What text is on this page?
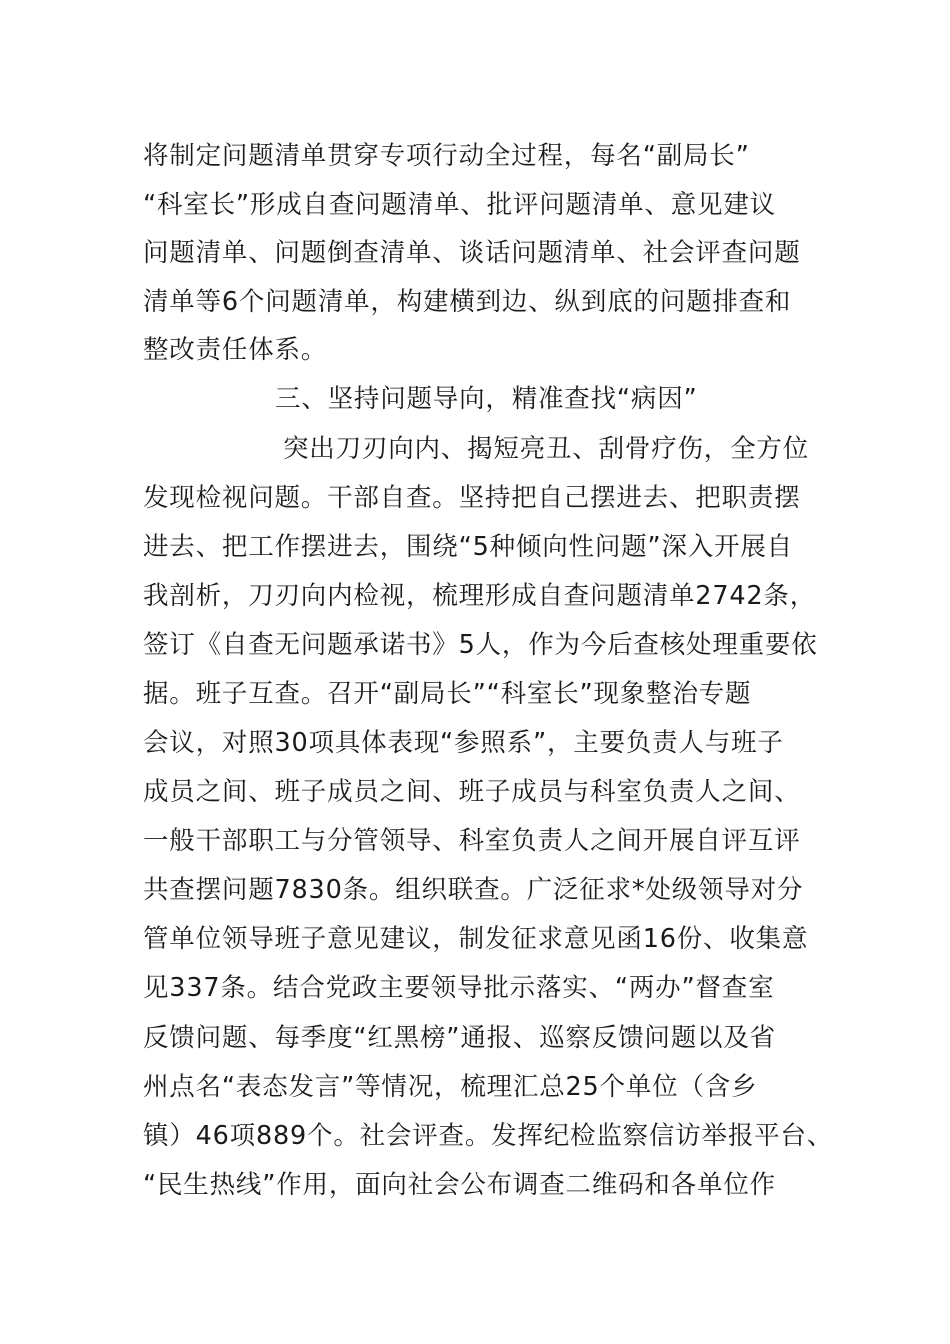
将制定问题清单贯穿专项行动全过程，每名“副局长”
“科室长”形成自查问题清单、批评问题清单、意见建议
问题清单、问题倒查清单、谈话问题清单、社会评查问题
清单等6个问题清单，构建横到边、纵到底的问题排查和
整改责任体系。
三、坚持问题导向，精准查找“病因”
突出刀刃向内、揭短亮丑、刮骨疗伤，全方位
发现检视问题。干部自查。坚持把自己摆进去、把职责摆
进去、把工作摆进去，围绕“5种倾向性问题”深入开展自
我剖析，刀刃向内检视，梳理形成自查问题清单2742条，
签订《自查无问题承诺书》5人，作为今后查核处理重要依
据。班子互查。召开“副局长”“科室长”现象整治专题
会议，对照30项具体表现“参照系”，主要负责人与班子
成员之间、班子成员之间、班子成员与科室负责人之间、
一般干部职工与分管领导、科室负责人之间开展自评互评
共查摆问题7830条。组织联查。广泛征求*处级领导对分
管单位领导班子意见建议，制发征求意见函16份、收集意
见337条。结合党政主要领导批示落实、“两办”督查室
反馈问题、每季度“红黑榜”通报、巡察反馈问题以及省
州点名“表态发言”等情况，梳理汇总25个单位（含乡
镇）46项889个。社会评查。发挥纪检监察信访举报平台、
“民生热线”作用，面向社会公布调查二维码和各单位作
